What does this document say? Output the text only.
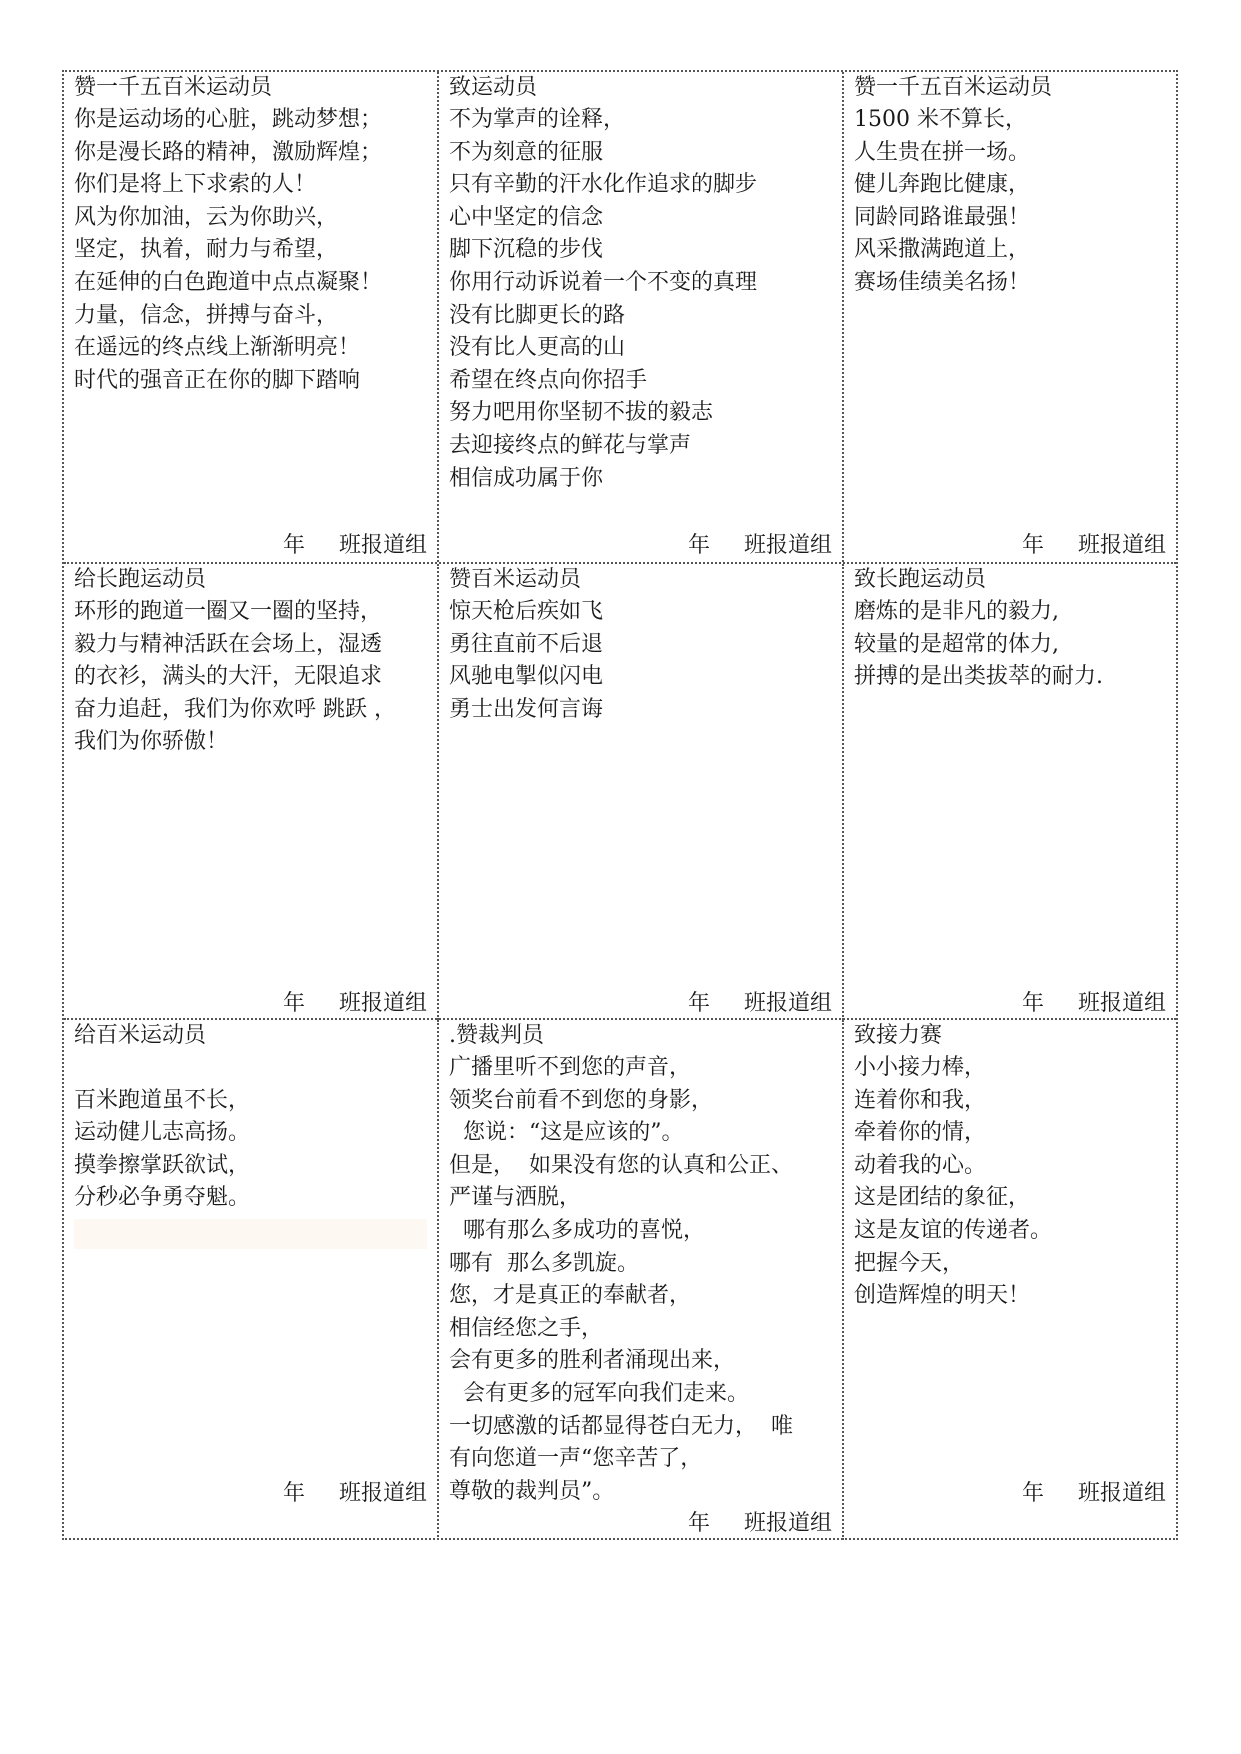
赞一千五百米运动员
你是运动场的心脏，跳动梦想；
你是漫长路的精神，激励辉煌；
你们是将上下求索的人！
风为你加油，云为你助兴，
坚定，执着，耐力与希望，
在延伸的白色跑道中点点凝聚！
力量，信念，拼搏与奋斗，
在遥远的终点线上渐渐明亮！
时代的强音正在你的脚下踏响
年 班报道组
致运动员
不为掌声的诠释，
不为刻意的征服
只有辛勤的汗水化作追求的脚步
心中坚定的信念
脚下沉稳的步伐
你用行动诉说着一个不变的真理
没有比脚更长的路
没有比人更高的山
希望在终点向你招手
努力吧用你坚韧不拔的毅志
去迎接终点的鲜花与掌声
相信成功属于你
年 班报道组
赞一千五百米运动员
1500 米不算长，
人生贵在拼一场。
健儿奔跑比健康，
同龄同路谁最强！
风采撒满跑道上，
赛场佳绩美名扬！
年 班报道组
给长跑运动员
环形的跑道一圈又一圈的坚持，
毅力与精神活跃在会场上，湿透
的衣衫，满头的大汗，无限追求
奋力追赶，我们为你欢呼 跳跃 ，
我们为你骄傲！
年 班报道组
赞百米运动员
惊天枪后疾如飞
勇往直前不后退
风驰电掣似闪电
勇士出发何言诲
年 班报道组
致长跑运动员
磨炼的是非凡的毅力,
较量的是超常的体力,
拼搏的是出类拔萃的耐力.
年 班报道组
给百米运动员

百米跑道虽不长，
运动健儿志高扬。
摸拳擦掌跃欲试，
分秒必争勇夺魁。
年 班报道组
.赞裁判员
广播里听不到您的声音，
领奖台前看不到您的身影，
您说：“这是应该的”。
但是，  如果没有您的认真和公正、
严谨与洒脱，
哪有那么多成功的喜悦，
哪有  那么多凯旋。
您，才是真正的奉献者，
相信经您之手，
会有更多的胜利者涌现出来，
会有更多的冠军向我们走来。
一切感激的话都显得苍白无力，  唯
有向您道一声“您辛苦了，
尊敬的裁判员”。
年 班报道组
致接力赛
小小接力棒，
连着你和我，
牵着你的情，
动着我的心。
这是团结的象征，
这是友谊的传递者。
把握今天，
创造辉煌的明天！
年 班报道组
